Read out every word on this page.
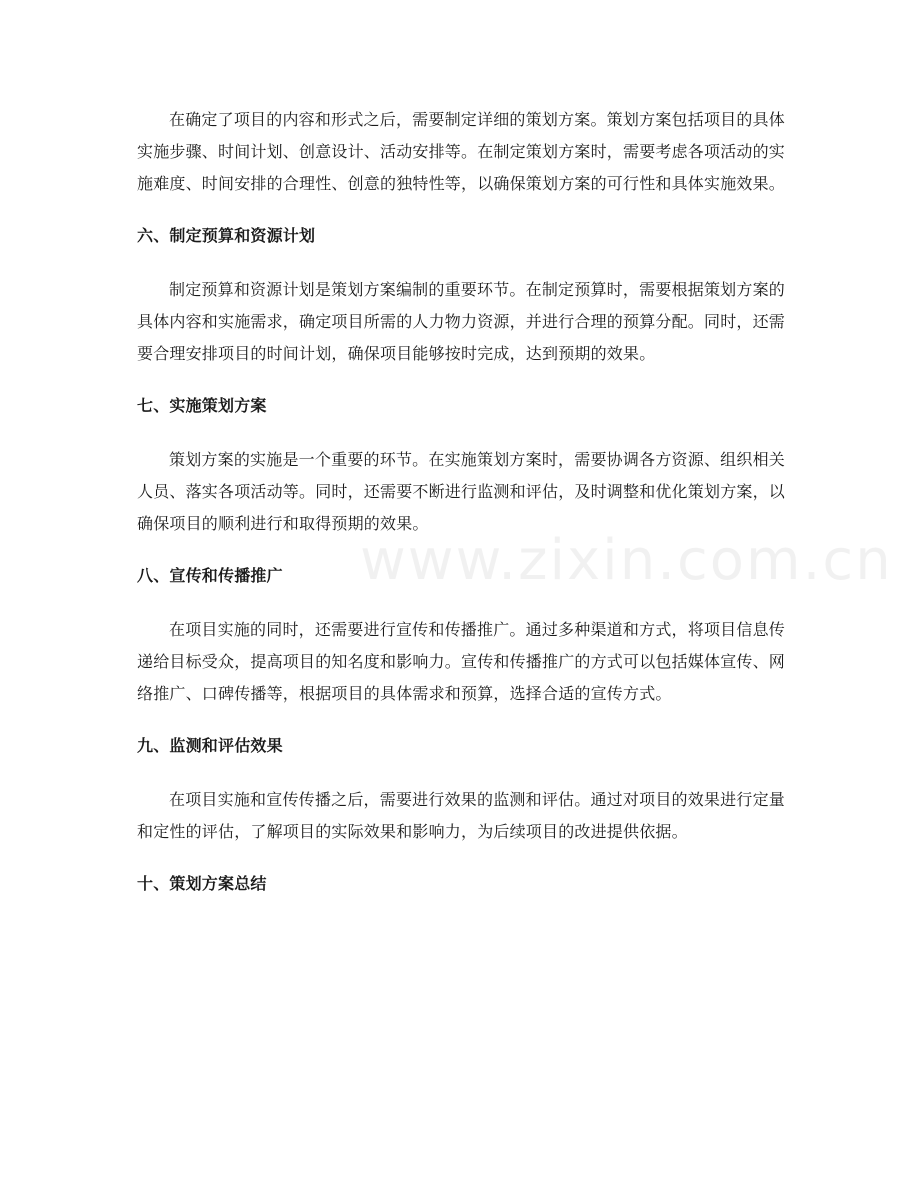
www.zixin.com.cn

在确定了项目的内容和形式之后，需要制定详细的策划方案。策划方案包括项目的具体实施步骤、时间计划、创意设计、活动安排等。在制定策划方案时，需要考虑各项活动的实施难度、时间安排的合理性、创意的独特性等，以确保策划方案的可行性和具体实施效果。

六、制定预算和资源计划

制定预算和资源计划是策划方案编制的重要环节。在制定预算时，需要根据策划方案的具体内容和实施需求，确定项目所需的人力物力资源，并进行合理的预算分配。同时，还需要合理安排项目的时间计划，确保项目能够按时完成，达到预期的效果。

七、实施策划方案

策划方案的实施是一个重要的环节。在实施策划方案时，需要协调各方资源、组织相关人员、落实各项活动等。同时，还需要不断进行监测和评估，及时调整和优化策划方案，以确保项目的顺利进行和取得预期的效果。

八、宣传和传播推广

在项目实施的同时，还需要进行宣传和传播推广。通过多种渠道和方式，将项目信息传递给目标受众，提高项目的知名度和影响力。宣传和传播推广的方式可以包括媒体宣传、网络推广、口碑传播等，根据项目的具体需求和预算，选择合适的宣传方式。

九、监测和评估效果

在项目实施和宣传传播之后，需要进行效果的监测和评估。通过对项目的效果进行定量和定性的评估，了解项目的实际效果和影响力，为后续项目的改进提供依据。

十、策划方案总结
